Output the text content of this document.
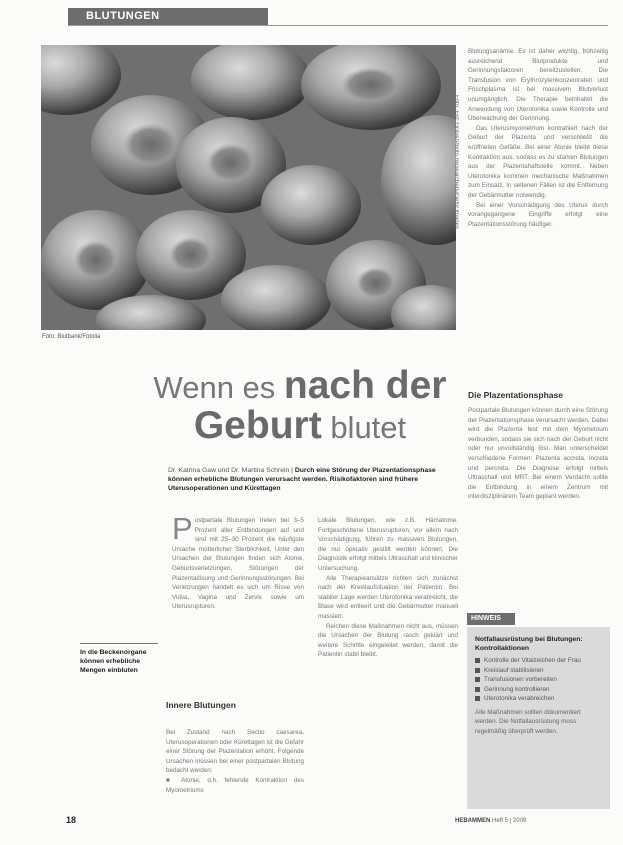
BLUTUNGEN
Foto: Eric Grave/Photo Researchers/Getty Images
Foto: Blutbank/Fotolia
Wenn es nach der
Geburt blutet
Dr. Katrina Gaw und Dr. Martina Schrein | Durch eine Störung der Plazentationsphase können erhebliche Blutungen verursacht werden. Risikofaktoren sind frühere Uterusoperationen und Kürettagen
P ostpartale Blutungen treten bei 3–5 Prozent aller Entbindungen auf und sind mit 25–30 Prozent die häufigste Ursache mütterlicher Sterblichkeit. Unter den Ursachen der Blutungen finden sich Atonie, Geburtsverletzungen, Störungen der Plazentalösung und Gerinnungsstörungen. Bei Verletzungen handelt es sich um Risse von Vulva, Vagina und Zervix sowie um Uterusrupturen.
In die Beckenorgane können erhebliche Mengen einbluten
Innere Blutungen

Bei Zustand nach Sectio caesarea, Uterusoperationen oder Kürettagen ist die Gefahr einer Störung der Plazentation erhöht. Folgende Ursachen müssen bei einer postpartalen Blutung bedacht werden:

■ Atonie, d.h. fehlende Kontraktion des Myometriums

Lokale Blutungen, wie z.B. Hämatome. Fortgeschrittene Uterusrupturen, vor allem nach Vorschädigung, führen zu massiven Blutungen, die nur operativ gestillt werden können. Die Diagnostik erfolgt mittels Ultraschall und klinischer Untersuchung.

Alle Therapieansätze richten sich zunächst nach der Kreislaufsituation der Patientin. Bei stabiler Lage werden Uterotonika verabreicht, die Blase wird entleert und die Gebärmutter manuell massiert.

Reichen diese Maßnahmen nicht aus, müssen die Ursachen der Blutung rasch geklärt und weitere Schritte eingeleitet werden, damit die Patientin stabil bleibt.

Blutungsanämie. Es ist daher wichtig, frühzeitig ausreichend Blutprodukte und Gerinnungsfaktoren bereitzustellen. Die Transfusion von Erythrozytenkonzentraten und Frischplasma ist bei massivem Blutverlust unumgänglich. Die Therapie beinhaltet die Anwendung von Uterotonika sowie Kontrolle und Überwachung der Gerinnung.

Das Uterusmyometrium kontrahiert nach der Geburt der Plazenta und verschließt die eröffneten Gefäße. Bei einer Atonie bleibt diese Kontraktion aus, sodass es zu starken Blutungen aus der Plazentahaftstelle kommt. Neben Uterotonika kommen mechanische Maßnahmen zum Einsatz. In seltenen Fällen ist die Entfernung der Gebärmutter notwendig.

Bei einer Vorschädigung des Uterus durch vorangegangene Eingriffe erfolgt eine Plazentationsstörung häufiger.

Die Plazentationsphase

Postpartale Blutungen können durch eine Störung der Plazentationsphase verursacht werden. Dabei wird die Plazenta fest mit dem Myometrium verbunden, sodass sie sich nach der Geburt nicht oder nur unvollständig löst. Man unterscheidet verschiedene Formen: Plazenta accreta, increta und percreta. Die Diagnose erfolgt mittels Ultraschall und MRT. Bei einem Verdacht sollte die Entbindung in einem Zentrum mit interdisziplinärem Team geplant werden.

HINWEIS
Notfallausrüstung bei Blutungen: Kontrollaktionen
Kontrolle der Vitalzeichen der Frau
Kreislauf stabilisieren
Transfusionen vorbereiten
Gerinnung kontrollieren
Uterotonika verabreichen
Alle Maßnahmen sollten dokumentiert werden. Die Notfallausrüstung muss regelmäßig überprüft werden.
18	HEBAMMEN Heft 5 | 2009
